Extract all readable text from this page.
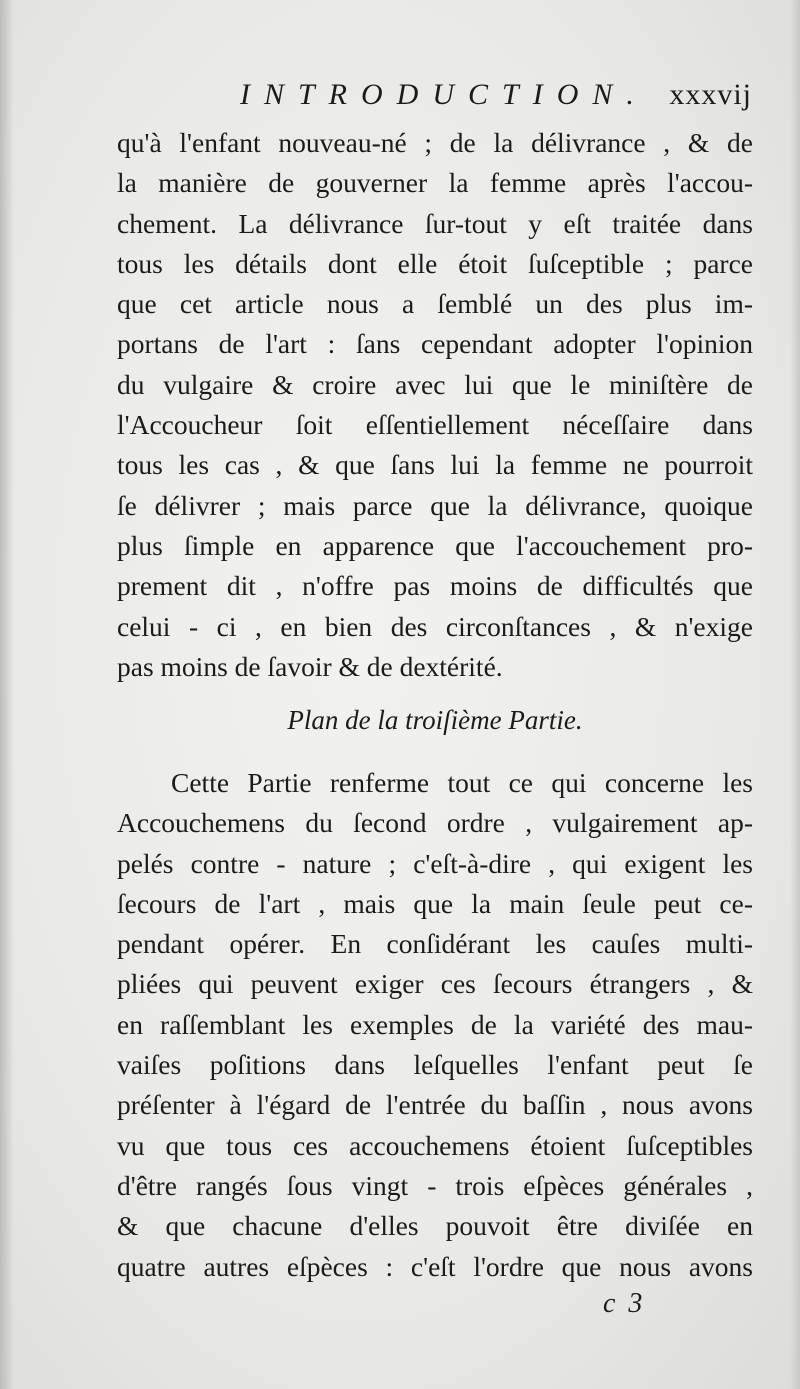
INTRODUCTION. xxxvij
qu'à l'enfant nouveau-né ; de la délivrance , & de
la manière de gouverner la femme après l'accou-
chement. La délivrance ſur-tout y eſt traitée dans
tous les détails dont elle étoit ſuſceptible ; parce
que cet article nous a ſemblé un des plus im-
portans de l'art : ſans cependant adopter l'opinion
du vulgaire & croire avec lui que le miniſtère de
l'Accoucheur ſoit eſſentiellement néceſſaire dans
tous les cas , & que ſans lui la femme ne pourroit
ſe délivrer ; mais parce que la délivrance, quoique
plus ſimple en apparence que l'accouchement pro-
prement dit , n'offre pas moins de difficultés que
celui - ci , en bien des circonſtances , & n'exige
pas moins de ſavoir & de dextérité.
Plan de la troiſième Partie.
Cette Partie renferme tout ce qui concerne les
Accouchemens du ſecond ordre , vulgairement ap-
pelés contre - nature ; c'eſt-à-dire , qui exigent les
ſecours de l'art , mais que la main ſeule peut ce-
pendant opérer. En conſidérant les cauſes multi-
pliées qui peuvent exiger ces ſecours étrangers , &
en raſſemblant les exemples de la variété des mau-
vaiſes poſitions dans leſquelles l'enfant peut ſe
préſenter à l'égard de l'entrée du baſſin , nous avons
vu que tous ces accouchemens étoient ſuſceptibles
d'être rangés ſous vingt - trois eſpèces générales ,
& que chacune d'elles pouvoit être diviſée en
quatre autres eſpèces : c'eſt l'ordre que nous avons
c 3
